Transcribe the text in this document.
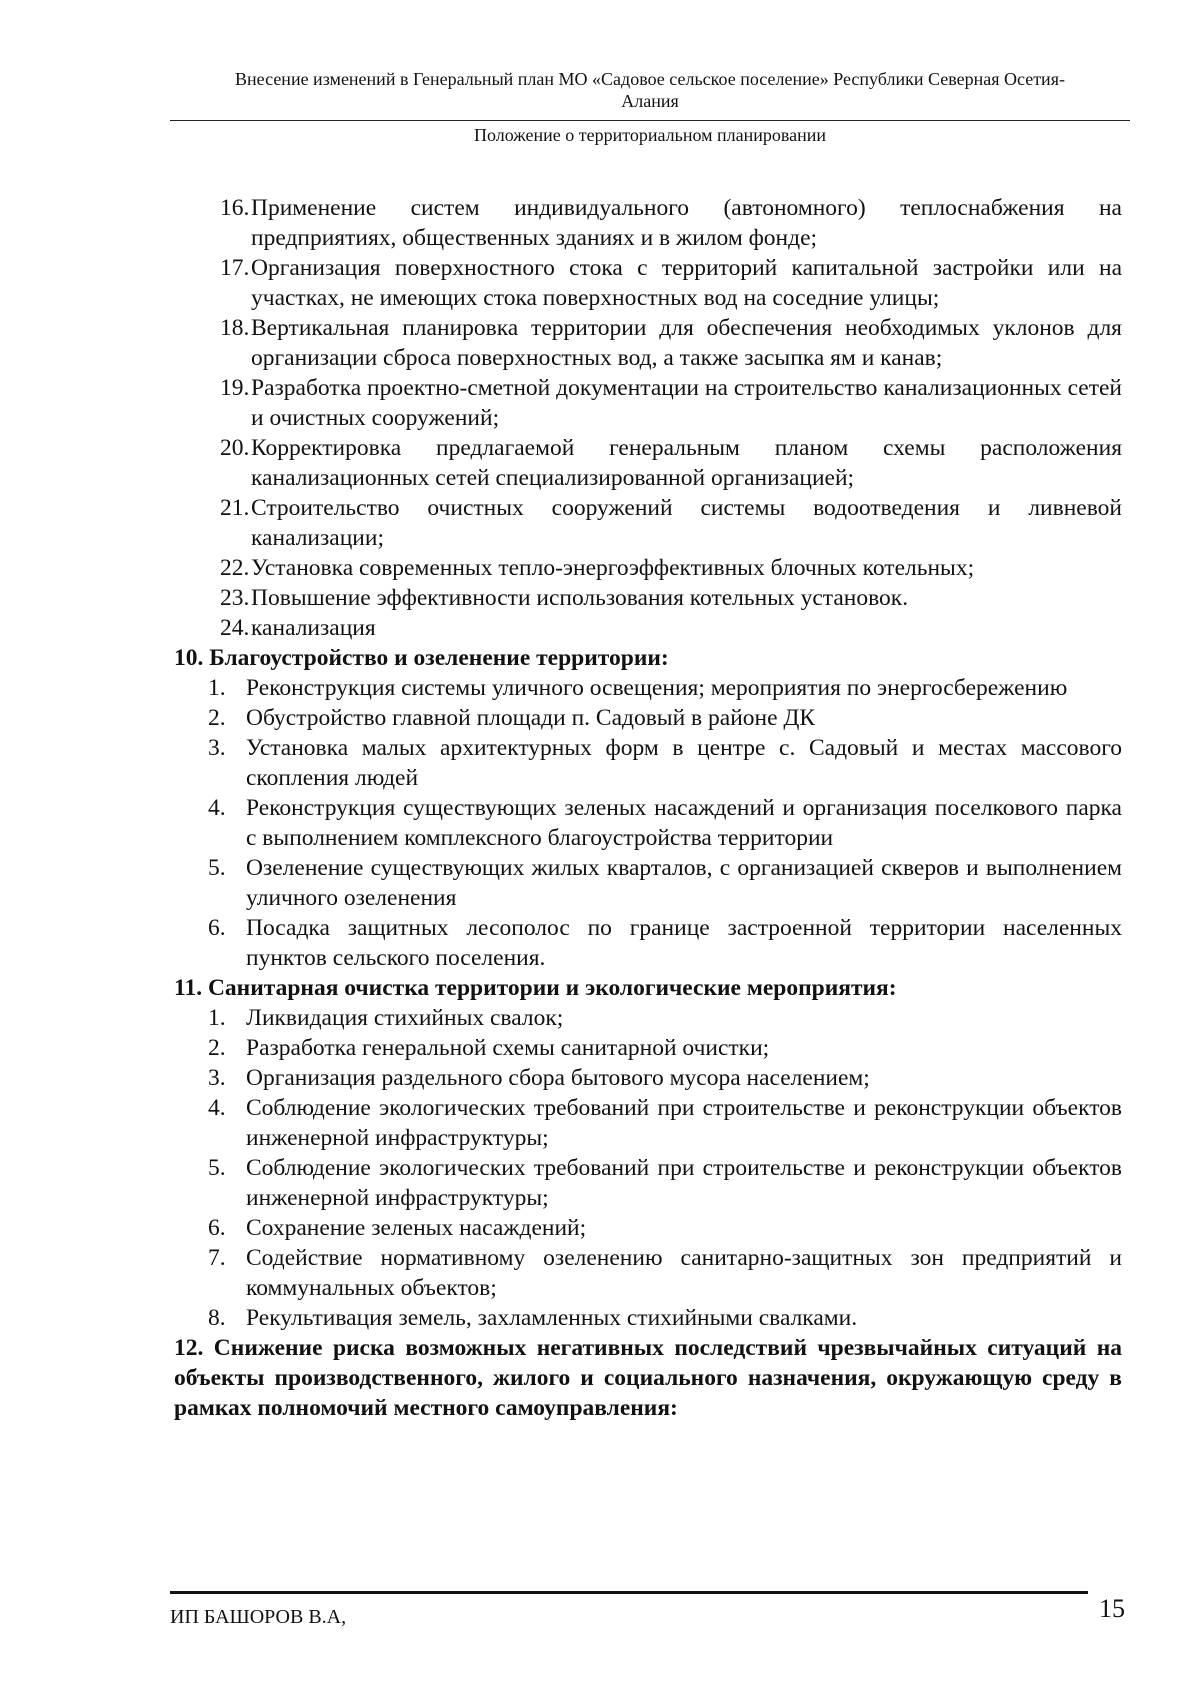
Внесение изменений в Генеральный план МО «Садовое сельское поселение» Республики Северная Осетия-
Алания
Положение о территориальном планировании
16. Применение систем индивидуального (автономного) теплоснабжения на предприятиях, общественных зданиях и в жилом фонде;
17. Организация поверхностного стока с территорий капитальной застройки или на участках, не имеющих стока поверхностных вод на соседние улицы;
18. Вертикальная планировка территории для обеспечения необходимых уклонов для организации сброса поверхностных вод, а также засыпка ям и канав;
19. Разработка проектно-сметной документации на строительство канализационных сетей и очистных сооружений;
20. Корректировка предлагаемой генеральным планом схемы расположения канализационных сетей специализированной организацией;
21. Строительство очистных сооружений системы водоотведения и ливневой канализации;
22. Установка современных тепло-энергоэффективных блочных котельных;
23. Повышение эффективности использования котельных установок.
24. канализация
10. Благоустройство и озеленение территории:
1. Реконструкция системы уличного освещения; мероприятия по энергосбережению
2. Обустройство главной площади п. Садовый в районе ДК
3. Установка малых архитектурных форм в центре с. Садовый и местах массового скопления людей
4. Реконструкция существующих зеленых насаждений и организация поселкового парка с выполнением комплексного благоустройства территории
5. Озеленение существующих жилых кварталов, с организацией скверов и выполнением уличного озеленения
6. Посадка защитных лесополос по границе застроенной территории населенных пунктов сельского поселения.
11. Санитарная очистка территории и экологические мероприятия:
1. Ликвидация стихийных свалок;
2. Разработка генеральной схемы санитарной очистки;
3. Организация раздельного сбора бытового мусора населением;
4. Соблюдение экологических требований при строительстве и реконструкции объектов инженерной инфраструктуры;
5. Соблюдение экологических требований при строительстве и реконструкции объектов инженерной инфраструктуры;
6. Сохранение зеленых насаждений;
7. Содействие нормативному озеленению санитарно-защитных зон предприятий и коммунальных объектов;
8. Рекультивация земель, захламленных стихийными свалками.
12. Снижение риска возможных негативных последствий чрезвычайных ситуаций на объекты производственного, жилого и социального назначения, окружающую среду в рамках полномочий местного самоуправления:
ИП БАШОРОВ В.А,	15
